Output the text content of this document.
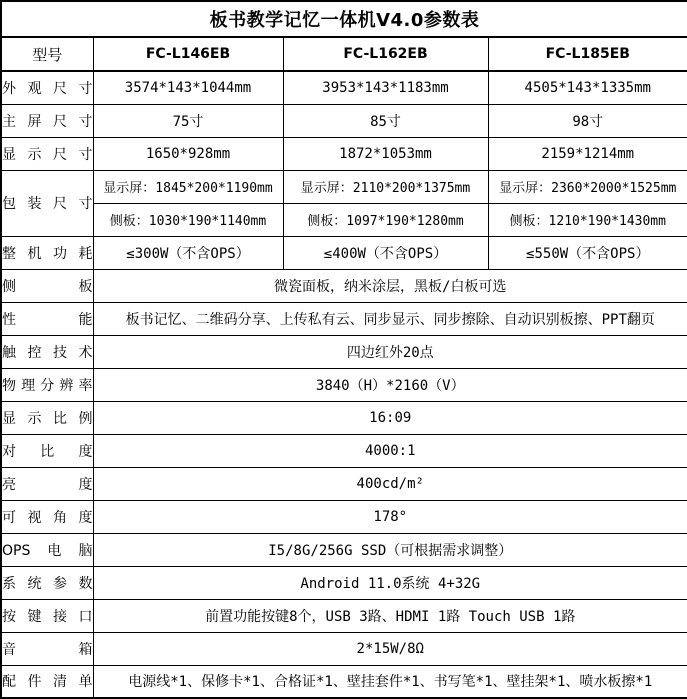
板书教学记忆一体机V4.0参数表			
型号	FC-L146EB	FC-L162EB	FC-L185EB
外观尺寸	3574*143*1044mm	3953*143*1183mm	4505*143*1335mm
主屏尺寸	75寸	85寸	98寸
显示尺寸	1650*928mm	1872*1053mm	2159*1214mm
包装尺寸	显示屏：1845*200*1190mm	显示屏：2110*200*1375mm	显示屏：2360*2000*1525mm
	侧板：1030*190*1140mm	侧板：1097*190*1280mm	侧板：1210*190*1430mm
整机功耗	≤300W（不含OPS）	≤400W（不含OPS）	≤550W（不含OPS）
侧板	微瓷面板，纳米涂层，黑板/白板可选		
性能	板书记忆、二维码分享、上传私有云、同步显示、同步擦除、自动识别板擦、PPT翻页		
触控技术	四边红外20点		
物理分辨率	3840（H）*2160（V）		
显示比例	16:09		
对比度	4000:1		
亮度	400cd/m²		
可视角度	178°		
OPS电脑	I5/8G/256G SSD（可根据需求调整）		
系统参数	Android 11.0系统 4+32G		
按键接口	前置功能按键8个，USB 3路、HDMI 1路 Touch USB 1路		
音箱	2*15W/8Ω		
配件清单	电源线*1、保修卡*1、合格证*1、壁挂套件*1、书写笔*1、壁挂架*1、喷水板擦*1		
